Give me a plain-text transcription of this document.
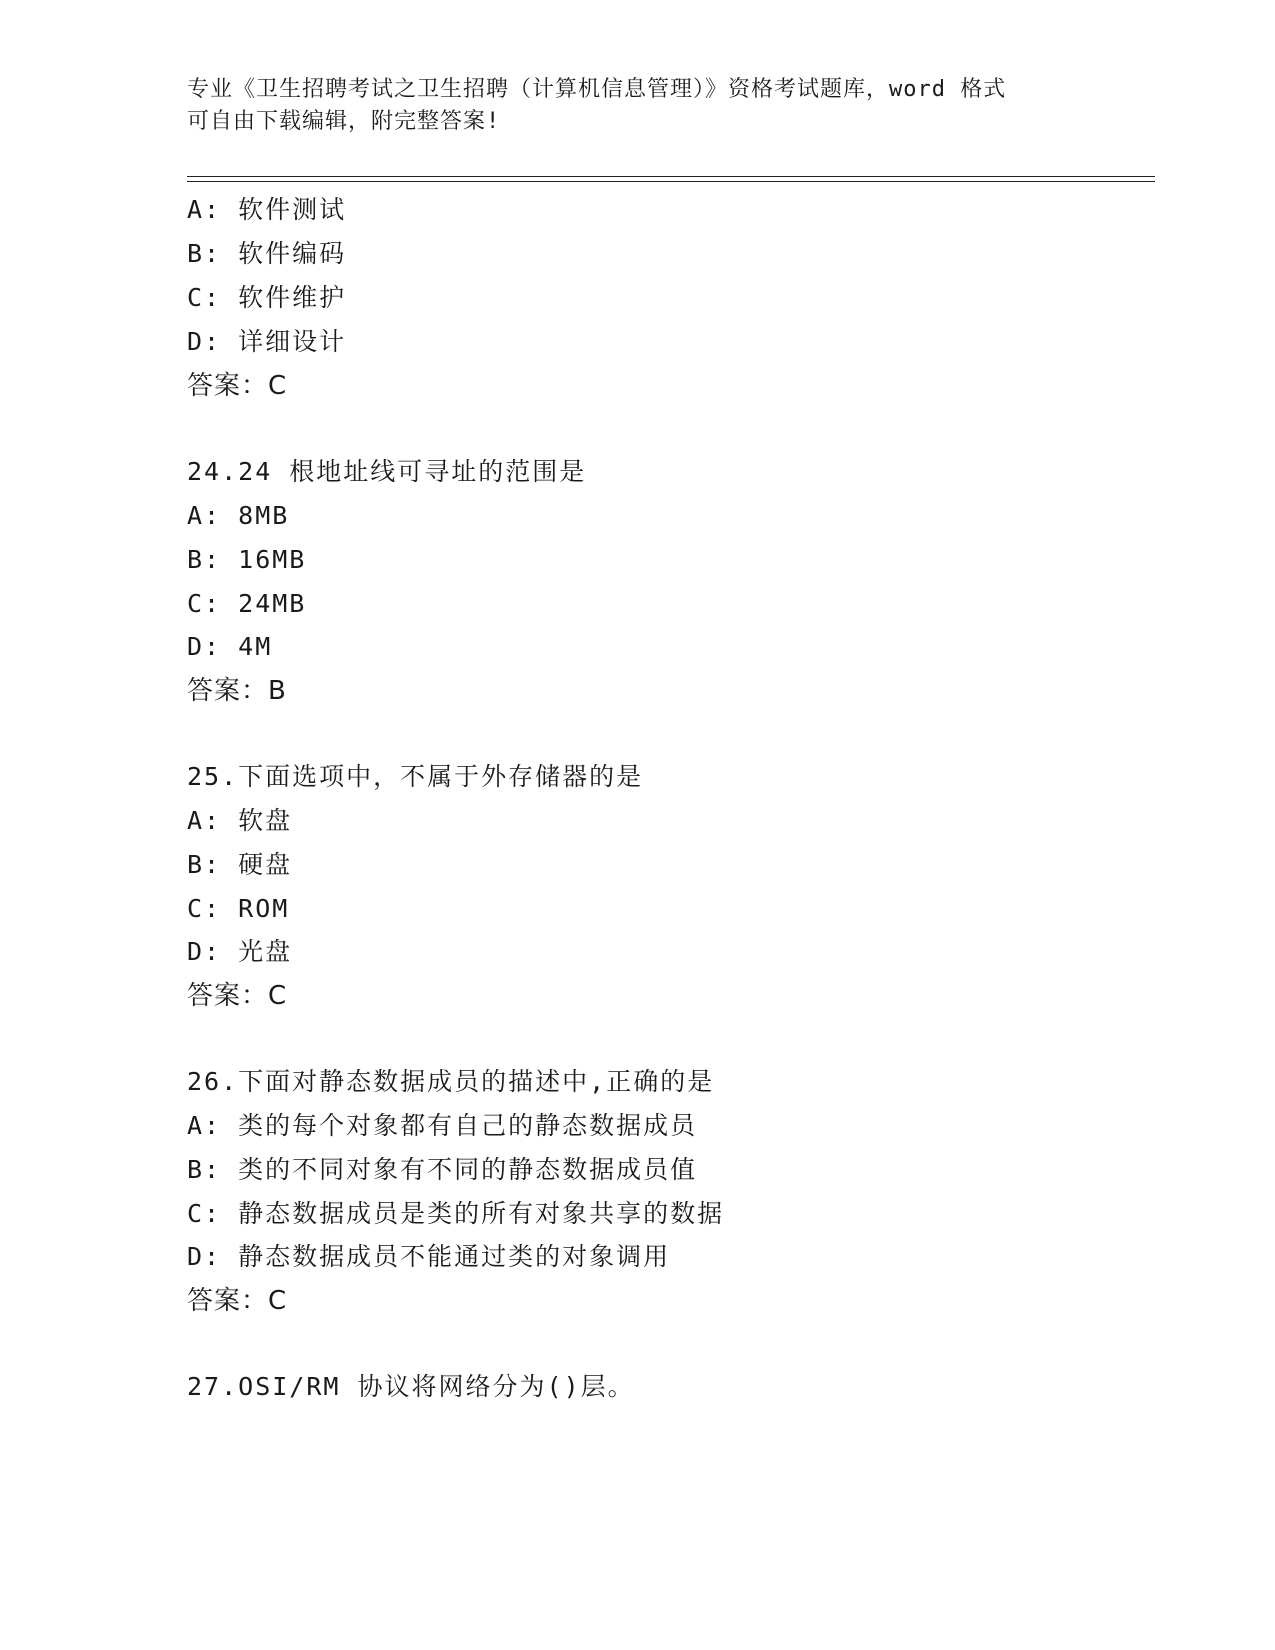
专业《卫生招聘考试之卫生招聘（计算机信息管理）》资格考试题库，word 格式
可自由下载编辑，附完整答案!
A: 软件测试
B: 软件编码
C: 软件维护
D: 详细设计
答案：C
24.24 根地址线可寻址的范围是
A: 8MB
B: 16MB
C: 24MB
D: 4M
答案：B
25.下面选项中，不属于外存储器的是
A: 软盘
B: 硬盘
C: ROM
D: 光盘
答案：C
26.下面对静态数据成员的描述中,正确的是
A: 类的每个对象都有自己的静态数据成员
B: 类的不同对象有不同的静态数据成员值
C: 静态数据成员是类的所有对象共享的数据
D: 静态数据成员不能通过类的对象调用
答案：C
27.OSI/RM 协议将网络分为()层。
